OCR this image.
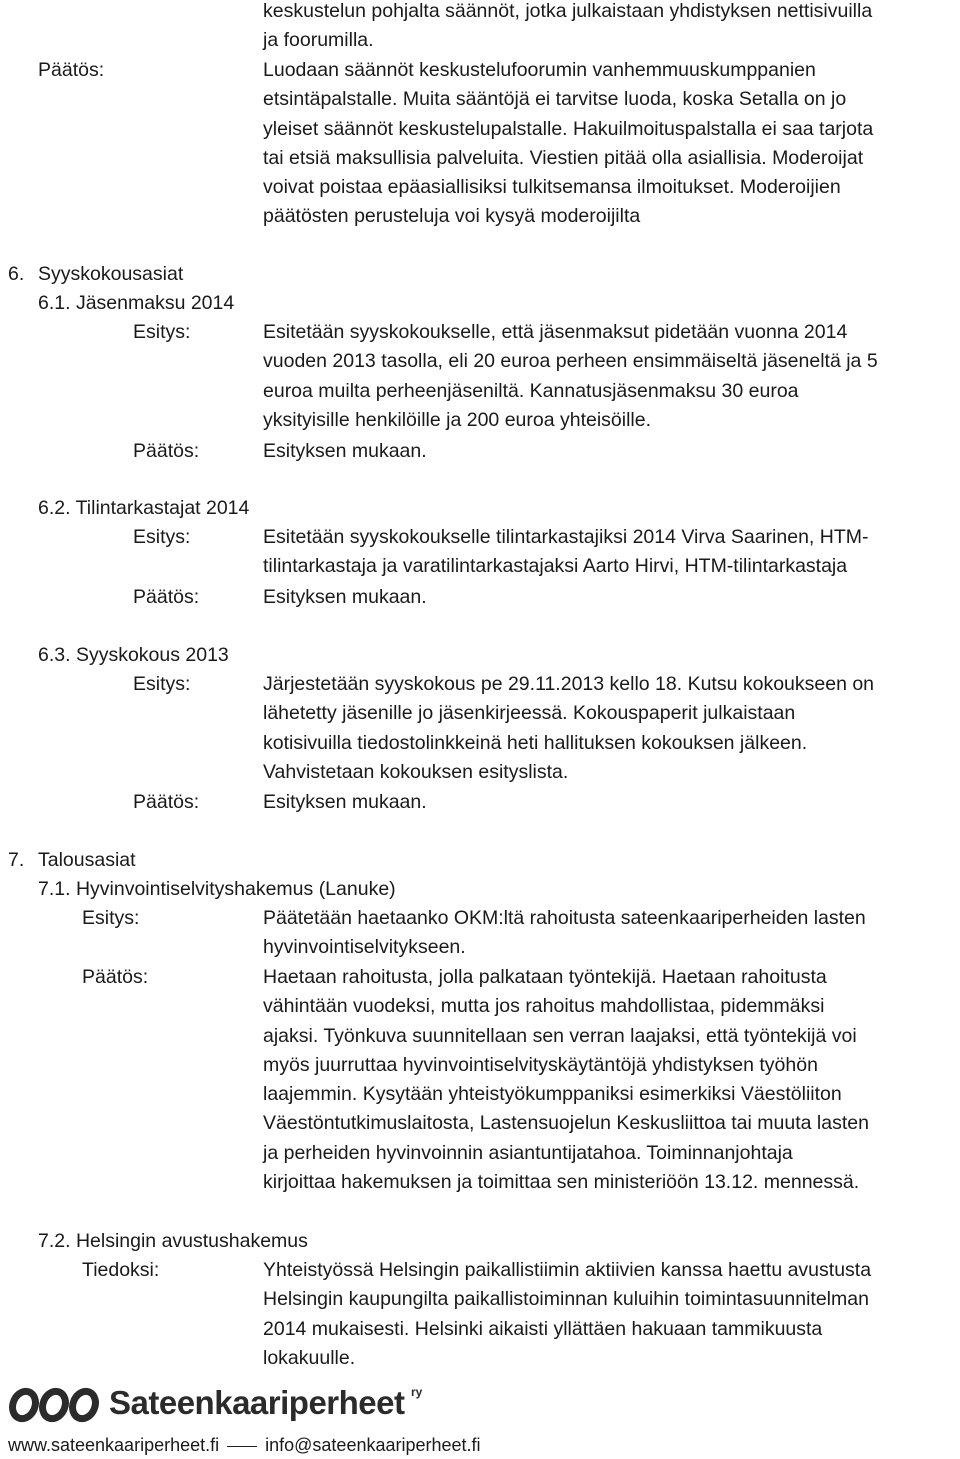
keskustelun pohjalta säännöt, jotka julkaistaan yhdistyksen nettisivuilla

ja foorumilla.

Päätös:	Luodaan säännöt keskustelufoorumin vanhemmuuskumppanien

etsintäpalstalle. Muita sääntöjä ei tarvitse luoda, koska Setalla on jo

yleiset säännöt keskustelupalstalle. Hakuilmoituspalstalla ei saa tarjota

tai etsiä maksullisia palveluita. Viestien pitää olla asiallisia. Moderoijat

voivat poistaa epäasiallisiksi tulkitsemansa ilmoitukset. Moderoijien

päätösten perusteluja voi kysyä moderoijilta

6. Syyskokousasiat
6.1. Jäsenmaksu 2014
Esitys:	Esitetään syyskokoukselle, että jäsenmaksut pidetään vuonna 2014

vuoden 2013 tasolla, eli 20 euroa perheen ensimmäiseltä jäseneltä ja 5

euroa muilta perheenjäseniltä. Kannatusjäsenmaksu 30 euroa

yksityisille henkilöille ja 200 euroa yhteisöille.

Päätös:	Esityksen mukaan.
6.2. Tilintarkastajat 2014
Esitys:	Esitetään syyskokoukselle tilintarkastajiksi 2014 Virva Saarinen, HTM-

tilintarkastaja ja varatilintarkastajaksi Aarto Hirvi, HTM-tilintarkastaja

Päätös:	Esityksen mukaan.
6.3. Syyskokous 2013
Esitys:	Järjestetään syyskokous pe 29.11.2013 kello 18. Kutsu kokoukseen on

lähetetty jäsenille jo jäsenkirjeessä. Kokouspaperit julkaistaan

kotisivuilla tiedostolinkkeinä heti hallituksen kokouksen jälkeen.

Vahvistetaan kokouksen esityslista.

Päätös:	Esityksen mukaan.
7. Talousasiat
7.1. Hyvinvointiselvityshakemus (Lanuke)
Esitys:	Päätetään haetaanko OKM:ltä rahoitusta sateenkaariperheiden lasten

hyvinvointiselvitykseen.

Päätös:	Haetaan rahoitusta, jolla palkataan työntekijä. Haetaan rahoitusta

vähintään vuodeksi, mutta jos rahoitus mahdollistaa, pidemmäksi

ajaksi. Työnkuva suunnitellaan sen verran laajaksi, että työntekijä voi

myös juurruttaa hyvinvointiselvityskäytäntöjä yhdistyksen työhön

laajemmin. Kysytään yhteistyökumppaniksi esimerkiksi Väestöliiton

Väestöntutkimuslaitosta, Lastensuojelun Keskusliittoa tai muuta lasten

ja perheiden hyvinvoinnin asiantuntijatahoa. Toiminnanjohtaja

kirjoittaa hakemuksen ja toimittaa sen ministeriöön 13.12. mennessä.

7.2. Helsingin avustushakemus
Tiedoksi:	Yhteistyössä Helsingin paikallistiimin aktiivien kanssa haettu avustusta

Helsingin kaupungilta paikallistoiminnan kuluihin toimintasuunnitelman

2014 mukaisesti. Helsinki aikaisti yllättäen hakuaan tammikuusta

lokakuulle.

Sateenkaariperheet ry
www.sateenkaariperheet.fi	info@sateenkaariperheet.fi
